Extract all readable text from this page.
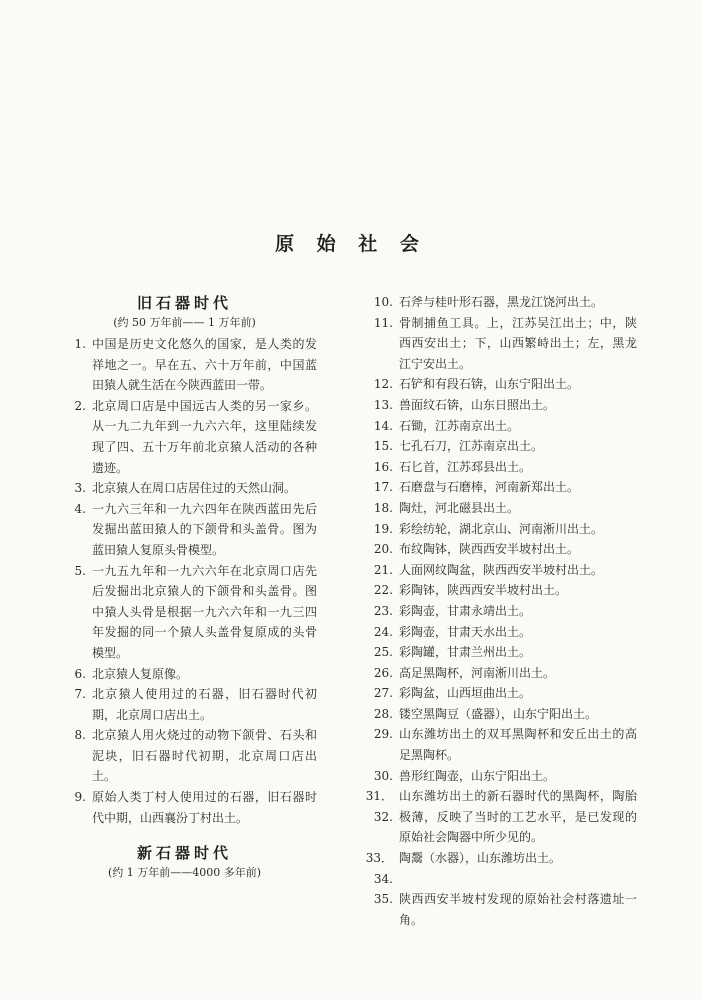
原 始 社 会
旧石器时代
(约 50 万年前—— 1 万年前)
1. 中国是历史文化悠久的国家，是人类的发祥地之一。早在五、六十万年前，中国蓝田猿人就生活在今陕西蓝田一带。
2. 北京周口店是中国远古人类的另一家乡。从一九二九年到一九六六年，这里陆续发现了四、五十万年前北京猿人活动的各种遗迹。
3. 北京猿人在周口店居住过的天然山洞。
4. 一九六三年和一九六四年在陕西蓝田先后发掘出蓝田猿人的下颌骨和头盖骨。图为蓝田猿人复原头骨模型。
5. 一九五九年和一九六六年在北京周口店先后发掘出北京猿人的下颌骨和头盖骨。图中猿人头骨是根据一九六六年和一九三四年发掘的同一个猿人头盖骨复原成的头骨模型。
6. 北京猿人复原像。
7. 北京猿人使用过的石器，旧石器时代初期，北京周口店出土。
8. 北京猿人用火烧过的动物下颌骨、石头和泥块，旧石器时代初期，北京周口店出土。
9. 原始人类丁村人使用过的石器，旧石器时代中期，山西襄汾丁村出土。
新石器时代
(约 1 万年前——4000 多年前)
10. 石斧与桂叶形石器，黑龙江饶河出土。
11. 骨制捕鱼工具。上，江苏吴江出土；中，陕西西安出土；下，山西繁峙出土；左，黑龙江宁安出土。
12. 石铲和有段石锛，山东宁阳出土。
13. 兽面纹石锛，山东日照出土。
14. 石锄，江苏南京出土。
15. 七孔石刀，江苏南京出土。
16. 石匕首，江苏邳县出土。
17. 石磨盘与石磨棒，河南新郑出土。
18. 陶灶，河北磁县出土。
19. 彩绘纺轮，湖北京山、河南淅川出土。
20. 布纹陶钵，陕西西安半坡村出土。
21. 人面网纹陶盆，陕西西安半坡村出土。
22. 彩陶钵，陕西西安半坡村出土。
23. 彩陶壶，甘肃永靖出土。
24. 彩陶壶，甘肃天水出土。
25. 彩陶罐，甘肃兰州出土。
26. 高足黑陶杯，河南淅川出土。
27. 彩陶盆，山西垣曲出土。
28. 镂空黑陶豆（盛器），山东宁阳出土。
29. 山东潍坊出土的双耳黑陶杯和安丘出土的高足黑陶杯。
30. 兽形红陶壶，山东宁阳出土。
31．32.
山东潍坊出土的新石器时代的黑陶杯，陶胎极薄，反映了当时的工艺水平，是已发现的原始社会陶器中所少见的。
33．34.
陶鬶（水器），山东潍坊出土。
35. 陕西西安半坡村发现的原始社会村落遗址一角。
